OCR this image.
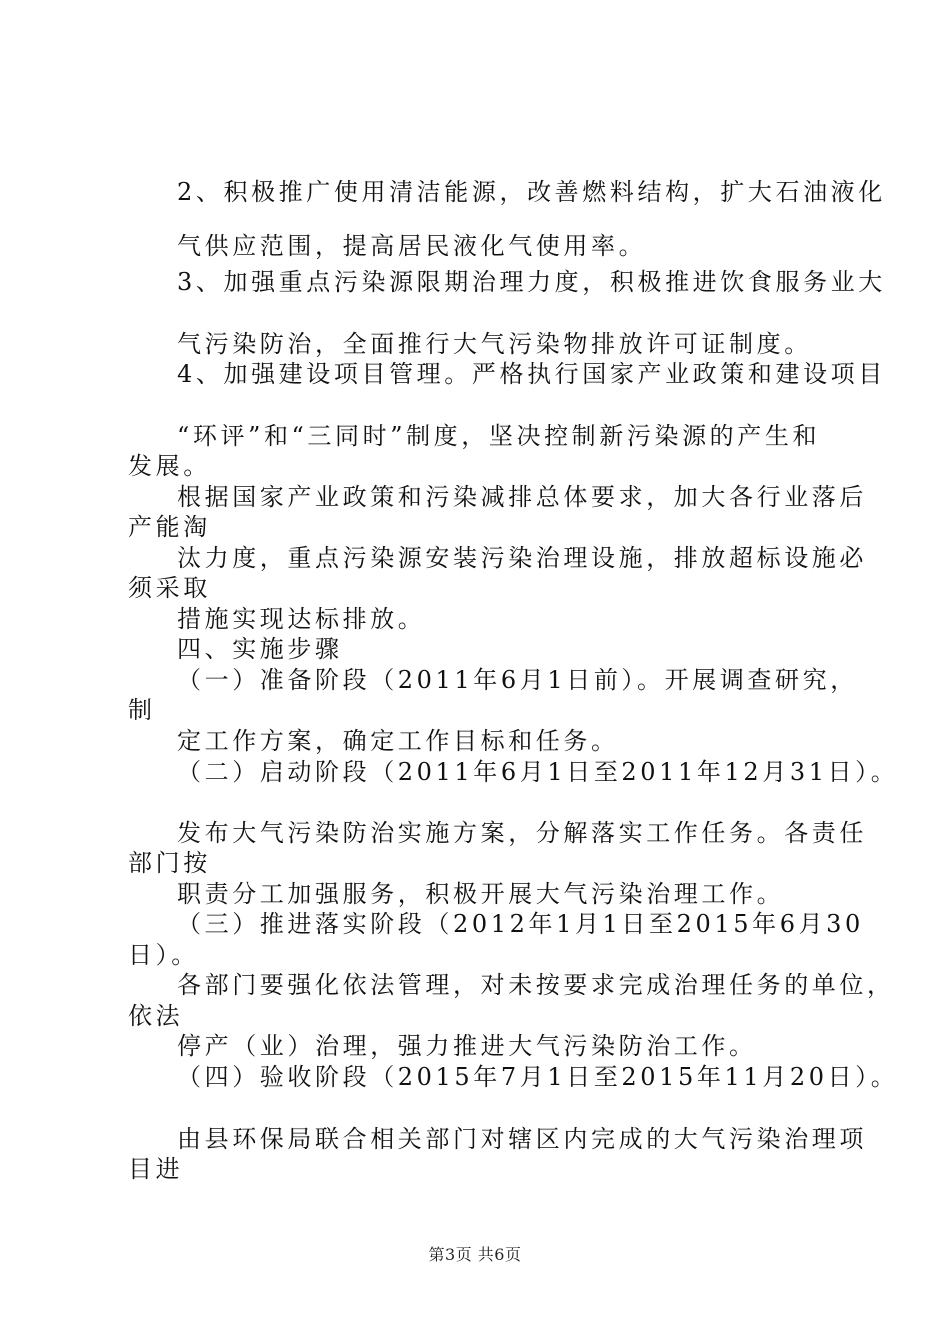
2、积极推广使用清洁能源，改善燃料结构，扩大石油液化

气供应范围，提高居民液化气使用率。

3、加强重点污染源限期治理力度，积极推进饮食服务业大

气污染防治，全面推行大气污染物排放许可证制度。

4、加强建设项目管理。严格执行国家产业政策和建设项目

“环评”和“三同时”制度，坚决控制新污染源的产生和

发展。

根据国家产业政策和污染减排总体要求，加大各行业落后

产能淘

汰力度，重点污染源安装污染治理设施，排放超标设施必

须采取

措施实现达标排放。

四、实施步骤

（一）准备阶段（2011年6月1日前）。开展调查研究，

制

定工作方案，确定工作目标和任务。

（二）启动阶段（2011年6月1日至2011年12月31日）。

发布大气污染防治实施方案，分解落实工作任务。各责任

部门按

职责分工加强服务，积极开展大气污染治理工作。

（三）推进落实阶段（2012年1月1日至2015年6月30

日）。

各部门要强化依法管理，对未按要求完成治理任务的单位，

依法

停产（业）治理，强力推进大气污染防治工作。

（四）验收阶段（2015年7月1日至2015年11月20日）。

由县环保局联合相关部门对辖区内完成的大气污染治理项

目进

第3页 共6页
